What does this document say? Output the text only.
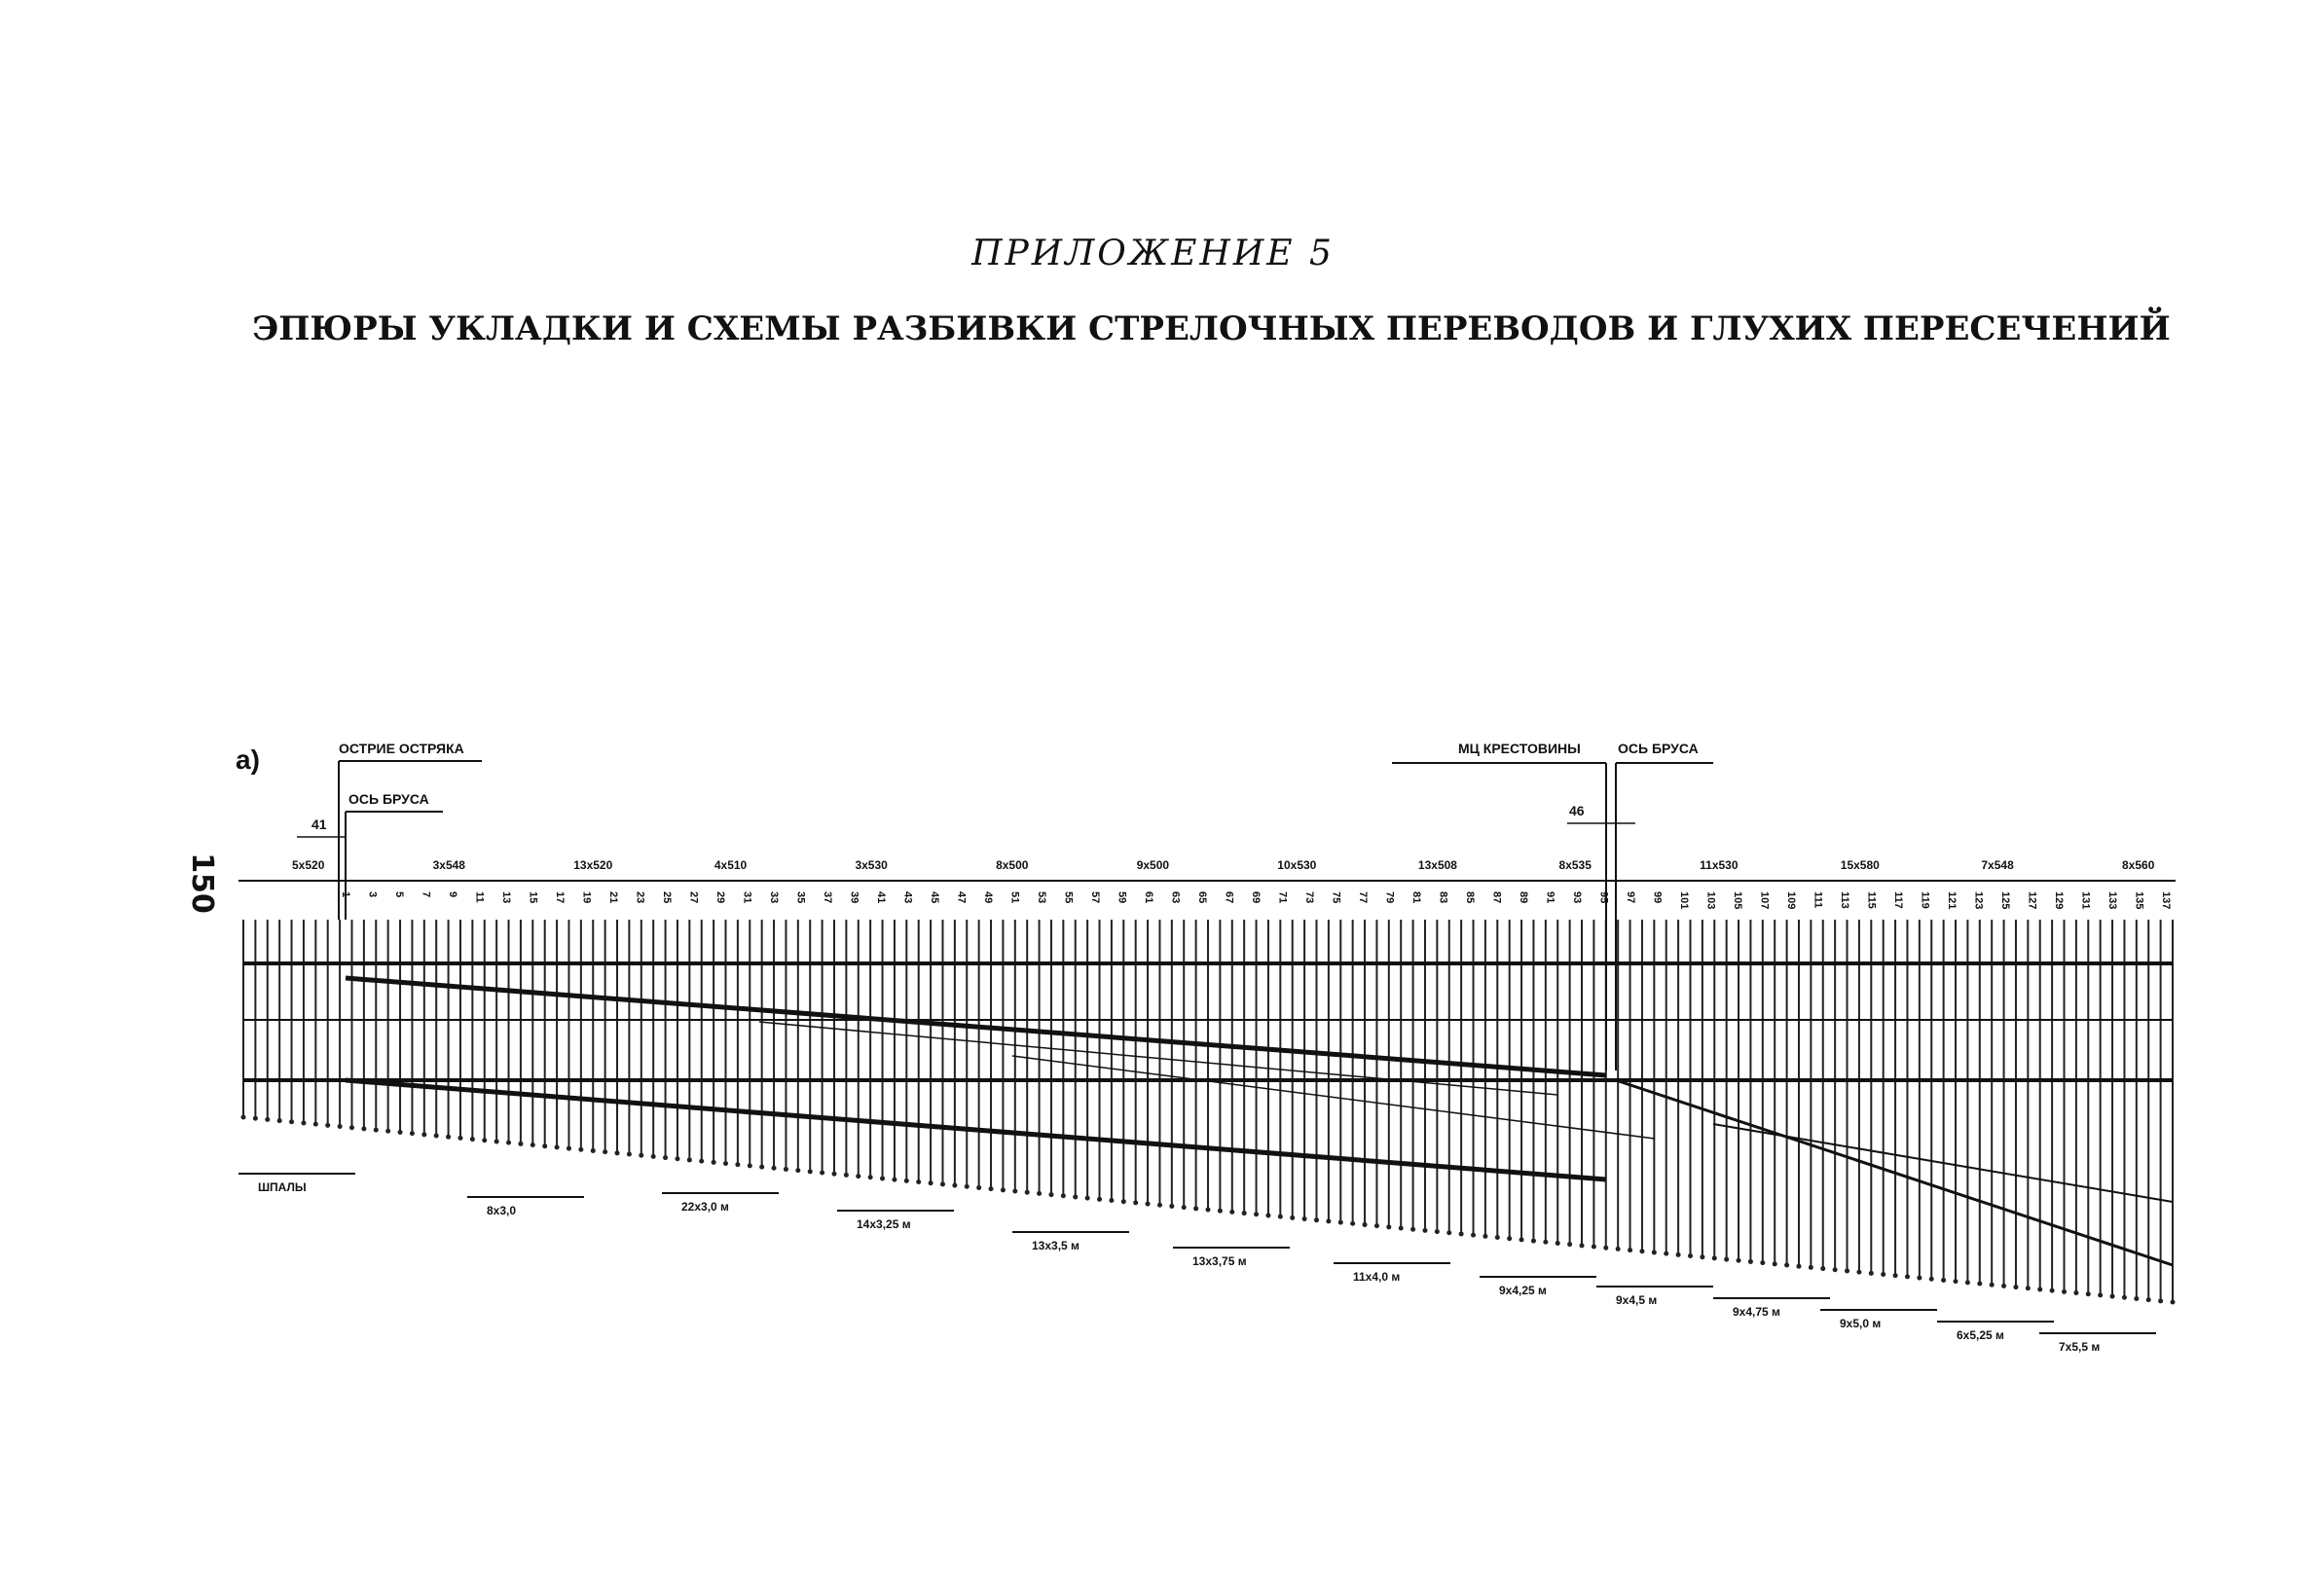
ПРИЛОЖЕНИЕ 5
ЭПЮРЫ УКЛАДКИ И СХЕМЫ РАЗБИВКИ СТРЕЛОЧНЫХ ПЕРЕВОДОВ И ГЛУХИХ ПЕРЕСЕЧЕНИЙ
150
а)	ОСТРИЕ ОСТРЯКА
ОСЬ БРУСА
41
МЦ КРЕСТОВИНЫ	ОСЬ БРУСА
46
5x520	3x548	13x520	4x510	3x530	8x500	9x500	10x530	13x508	8x535	11x530	15x580	7x548	8x560
1 3 5 7 9 11 13 15 17 19 21 23 25 27 29 31 33 35 37 39 41 43 45 47 49 51 53 55 57 59 61 63 65 67 69 71 73 75 77 79 81 83 85 87 89 91 93 95 97 99 101 103 105 107 109 111 113 115 117 119 121 123 125 127 129 131 133 135 137
ШПАЛЫ
8x3,0	22x3,0 м
14x3,25 м
13x3,5 м
13x3,75 м
11x4,0 м
9x4,25 м
9x4,5 м
9x4,75 м
9x5,0 м
6x5,25 м
7x5,5 м
